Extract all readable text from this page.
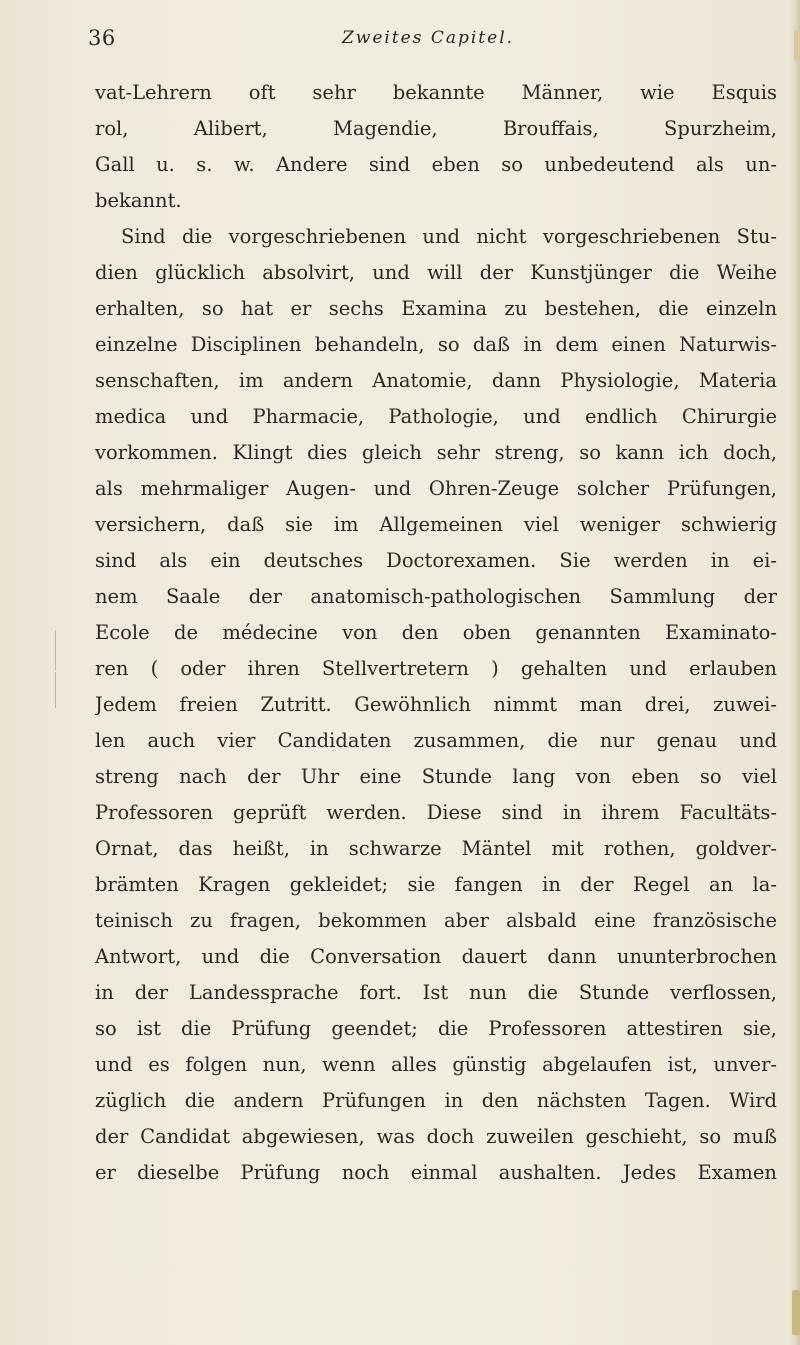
36	Zweites Capitel.
vat-Lehrern oft sehr bekannte Männer, wie Esquis
rol, Alibert, Magendie, Brouffais, Spurzheim,
Gall u. s. w. Andere sind eben so unbedeutend als un-
bekannt.
Sind die vorgeschriebenen und nicht vorgeschriebenen Stu-
dien glücklich absolvirt, und will der Kunstjünger die Weihe
erhalten, so hat er sechs Examina zu bestehen, die einzeln
einzelne Disciplinen behandeln, so daß in dem einen Naturwis-
senschaften, im andern Anatomie, dann Physiologie, Materia
medica und Pharmacie, Pathologie, und endlich Chirurgie
vorkommen. Klingt dies gleich sehr streng, so kann ich doch,
als mehrmaliger Augen- und Ohren-Zeuge solcher Prüfungen,
versichern, daß sie im Allgemeinen viel weniger schwierig
sind als ein deutsches Doctorexamen. Sie werden in ei-
nem Saale der anatomisch-pathologischen Sammlung der
Ecole de médecine von den oben genannten Examinato-
ren ( oder ihren Stellvertretern ) gehalten und erlauben
Jedem freien Zutritt. Gewöhnlich nimmt man drei, zuwei-
len auch vier Candidaten zusammen, die nur genau und
streng nach der Uhr eine Stunde lang von eben so viel
Professoren geprüft werden. Diese sind in ihrem Facultäts-
Ornat, das heißt, in schwarze Mäntel mit rothen, goldver-
brämten Kragen gekleidet; sie fangen in der Regel an la-
teinisch zu fragen, bekommen aber alsbald eine französische
Antwort, und die Conversation dauert dann ununterbrochen
in der Landessprache fort. Ist nun die Stunde verflossen,
so ist die Prüfung geendet; die Professoren attestiren sie,
und es folgen nun, wenn alles günstig abgelaufen ist, unver-
züglich die andern Prüfungen in den nächsten Tagen. Wird
der Candidat abgewiesen, was doch zuweilen geschieht, so muß
er dieselbe Prüfung noch einmal aushalten. Jedes Examen
